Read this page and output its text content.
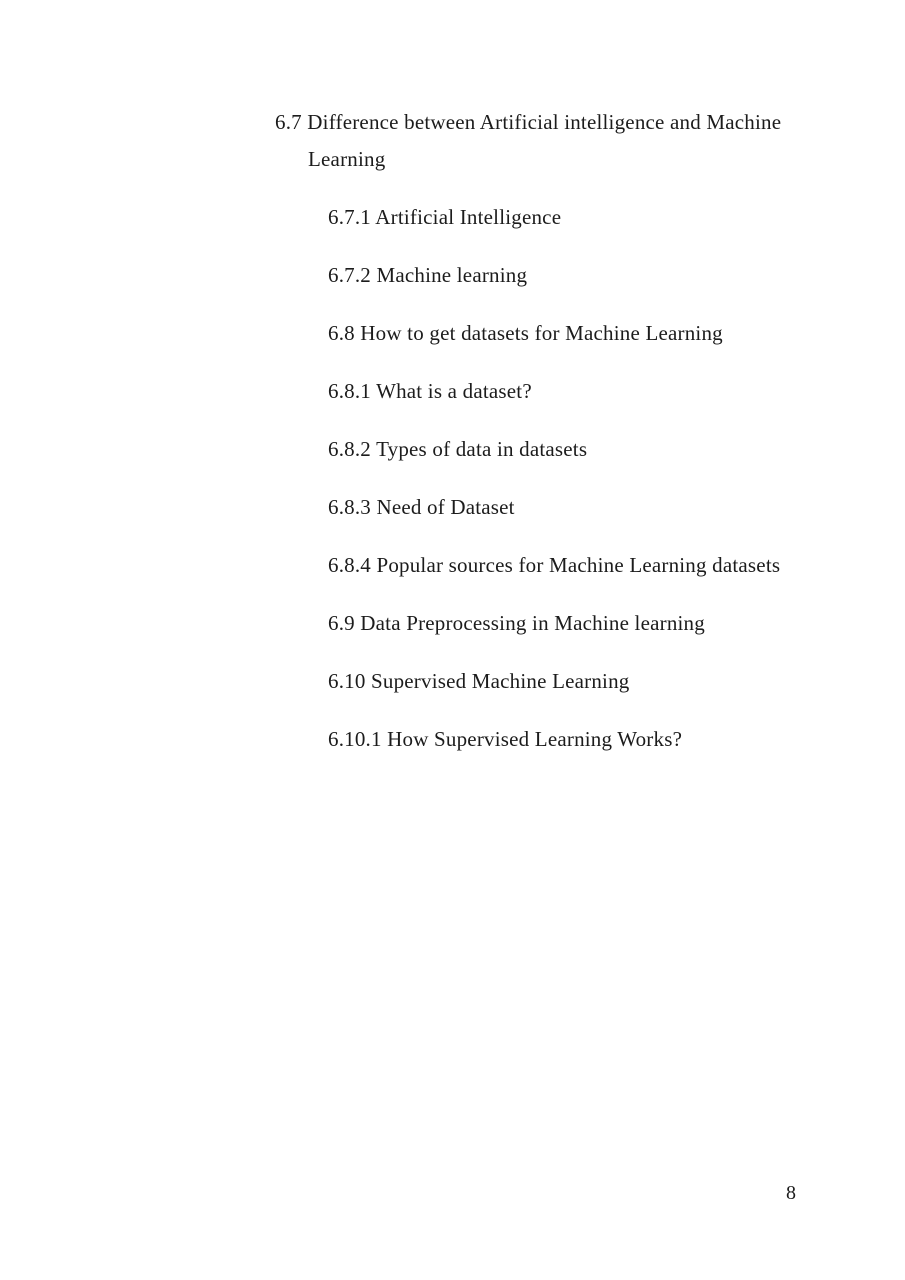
6.7 Difference between Artificial intelligence and Machine Learning
6.7.1 Artificial Intelligence
6.7.2 Machine learning
6.8 How to get datasets for Machine Learning
6.8.1 What is a dataset?
6.8.2 Types of data in datasets
6.8.3 Need of Dataset
6.8.4 Popular sources for Machine Learning datasets
6.9 Data Preprocessing in Machine learning
6.10 Supervised Machine Learning
6.10.1 How Supervised Learning Works?
8
